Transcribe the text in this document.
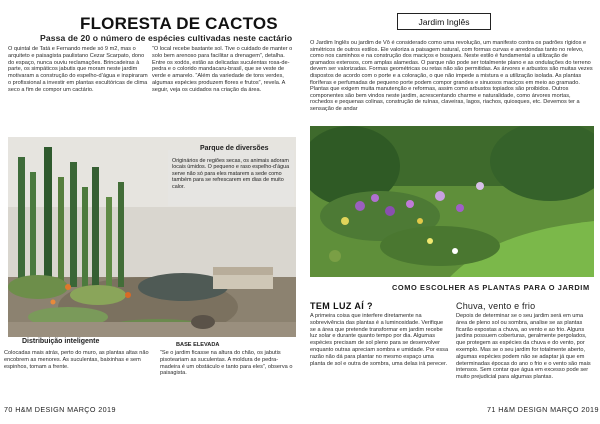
FLORESTA DE CACTOS
Passa de 20 o número de espécies cultivadas neste cactário
O quintal de Tatá e Fernando mede só 9 m2, mas o arquiteto e paisagista paulistano Cezar Scarpato, dono do espaço, nunca ouviu reclamações. Brincadeiras à parte, os simpáticos jabutis que moram neste jardim motivaram a construção do espelho-d’água e inspiraram o profissional a investir em plantas escultóricas de clima seco a fim de compor um cactário.
“O local recebe bastante sol. Tive o cuidado de manter o solo bem arenoso para facilitar a drenagem”, detalha. Entre os xodós, estão as delicadas suculentas rosa-de-pedra e o colorido mandacaru-brasil, que se veste de verde e amarelo. “Além da variedade de tons verdes, algumas espécies produzem flores e frutos”, revela. A seguir, veja os cuidados na criação da área.
Parque de diversões
Originários de regiões secas, os animais adoram locais úmidos. O pequeno e raso espelho-d’água serve não só para eles matarem a sede como também para se refrescarem em dias de muito calor.
Distribuição inteligente	BASE ELEVADA
Colocadas mais atrás, perto do muro, as plantas altas não encobrem as menores. As suculentas, baixinhas e sem espinhos, tomam a frente.
“Se o jardim ficasse na altura do chão, os jabutis pisoteariam as suculentas. A moldura de pedra-madeira é um obstáculo e tanto para eles”, observa o paisagista.
70 H&M DESIGN MARÇO 2019
Jardim Inglês
O Jardim Inglês ou jardim de Vô é considerado como uma revolução, um manifesto contra os padrões rígidos e simétricos de outros estilos. Ele valoriza a paisagem natural, com formas curvas e arredondas tanto no relevo, como nos caminhos e na construção dos maciços e bosques. Neste estilo é fundamental a utilização de gramados extensos, com amplas alamedas. O parque não pode ser totalmente plano e as ondulações do terreno devem ser valorizadas. Formas geométricas ou retas não são permitidas. As árvores e arbustos são muitas vezes dispostos de acordo com o porte e a coloração, o que não impede a mistura e a utilização isolada. As plantas floríferas e perfumadas de pequeno porte podem compor grandes e sinuosos maciços em meio ao gramado. Plantas que exigem muita manutenção e reformas, assim como arbustos topiados são proibidos. Outros componentes são bem vindos neste jardim, acrescentando charme e naturalidade, como árvores mortas, rochedos e pequenas colinas, construção de ruínas, claveiras, lagos, riachos, quiosques, etc. Devemos ter a sensação de andar
COMO ESCOLHER AS PLANTAS PARA O JARDIM
TEM LUZ AÍ ?	Chuva, vento e frio
A primeira coisa que interfere diretamente na sobrevivência das plantas é a luminosidade. Verifique se a área que pretende transformar em jardim recebe luz solar e durante quanto tempo por dia. Algumas espécies precisam de sol pleno para se desenvolver enquanto outras apreciam sombra e umidade. Por essa razão não dá para plantar no mesmo espaço uma planta de sol e outra de sombra, uma delas irá perecer.
Depois de determinar se o seu jardim será em uma área de pleno sol ou sombra, analise se as plantas ficarão expostas a chuva, ao vento e ao frio. Alguns jardins possuem coberturas, geralmente pergolados, que protegem as espécies da chuva e do vento, por exemplo. Mas se o seu jardim for totalmente aberto, algumas espécies podem não se adaptar já que em determinadas épocas do ano o frio e o vento são mais intensos. Sem contar que água em excesso pode ser muito prejudicial para algumas plantas.
71 H&M DESIGN MARÇO 2019
